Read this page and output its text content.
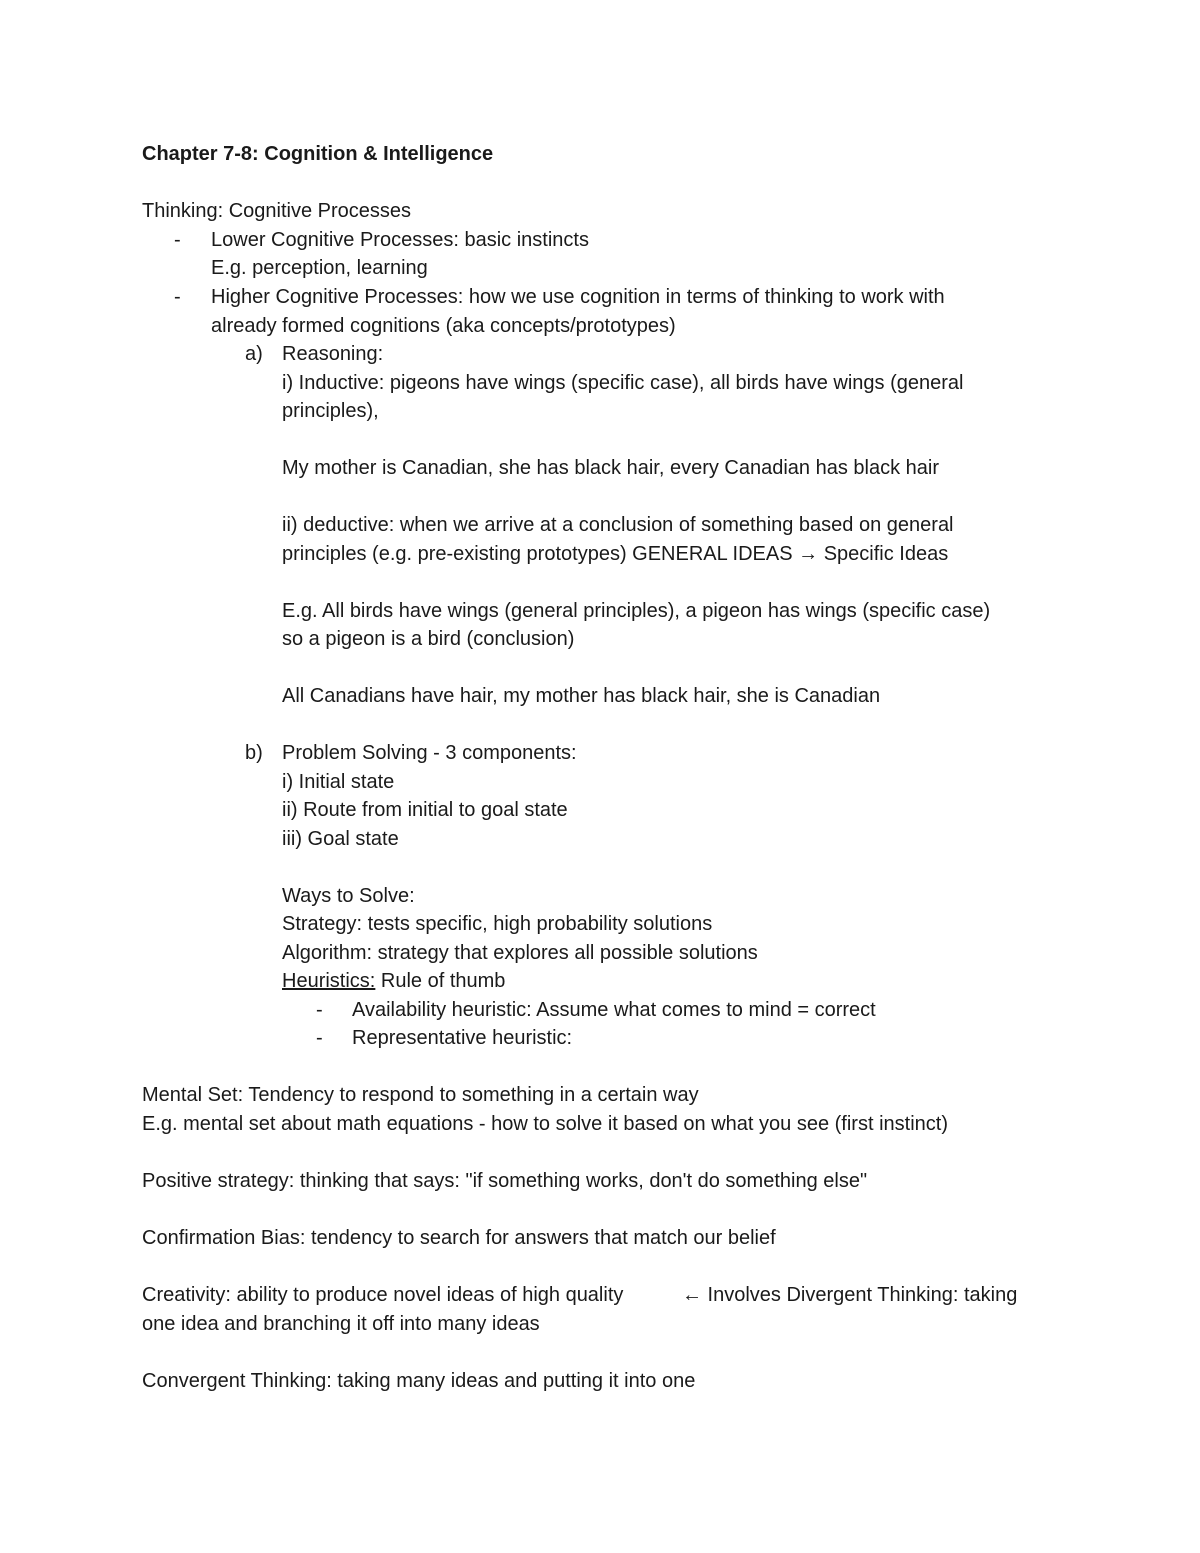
Chapter 7-8: Cognition & Intelligence
Thinking: Cognitive Processes
- Lower Cognitive Processes: basic instincts
E.g. perception, learning
- Higher Cognitive Processes: how we use cognition in terms of thinking to work with
already formed cognitions (aka concepts/prototypes)
a) Reasoning:
i) Inductive: pigeons have wings (specific case), all birds have wings (general
principles),
My mother is Canadian, she has black hair, every Canadian has black hair
ii) deductive: when we arrive at a conclusion of something based on general
principles (e.g. pre-existing prototypes) GENERAL IDEAS → Specific Ideas
E.g. All birds have wings (general principles), a pigeon has wings (specific case)
so a pigeon is a bird (conclusion)
All Canadians have hair, my mother has black hair, she is Canadian
b) Problem Solving - 3 components:
i) Initial state
ii) Route from initial to goal state
iii) Goal state
Ways to Solve:
Strategy: tests specific, high probability solutions
Algorithm: strategy that explores all possible solutions
Heuristics: Rule of thumb
- Availability heuristic: Assume what comes to mind = correct
- Representative heuristic:
Mental Set: Tendency to respond to something in a certain way
E.g. mental set about math equations - how to solve it based on what you see (first instinct)
Positive strategy: thinking that says: "if something works, don't do something else"
Confirmation Bias: tendency to search for answers that match our belief
Creativity: ability to produce novel ideas of high quality	← Involves Divergent Thinking: taking
one idea and branching it off into many ideas
Convergent Thinking: taking many ideas and putting it into one
